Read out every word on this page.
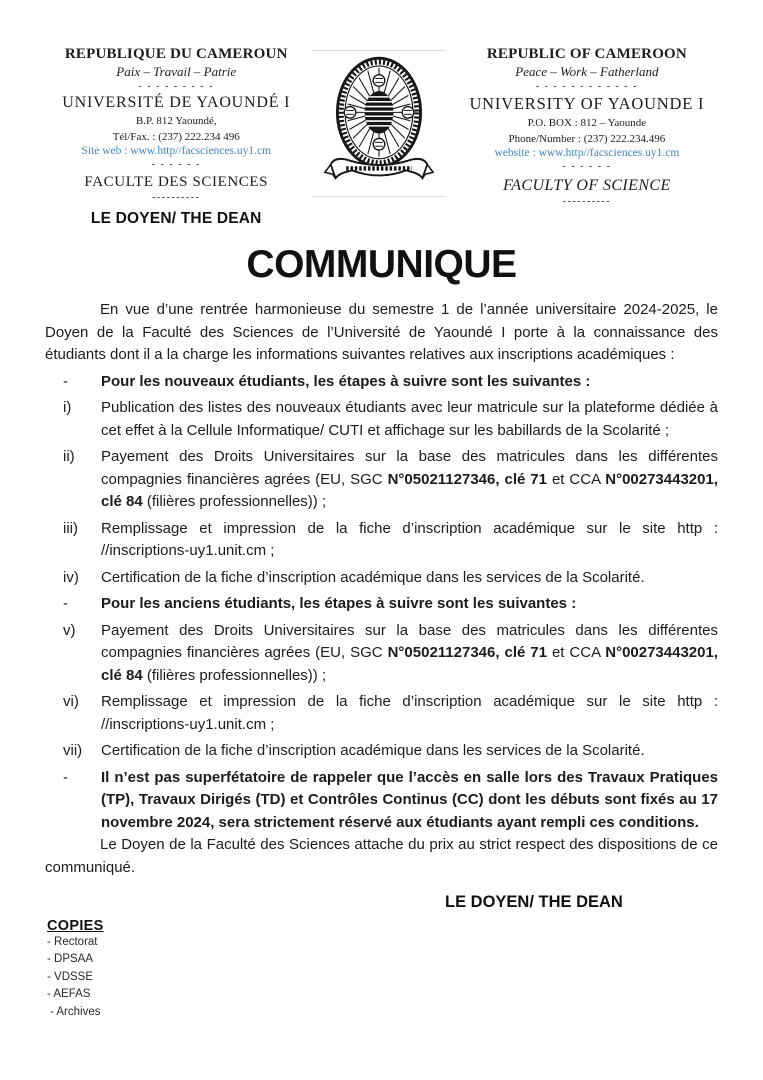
REPUBLIQUE DU CAMEROUN
Paix – Travail – Patrie
- - - - - - - - -
UNIVERSITÉ DE YAOUNDÉ I
B.P. 812 Yaoundé,
Tél/Fax. : (237) 222.234 496
Site web : www.http//facsciences.uy1.cm
- - - - - -
FACULTE DES SCIENCES
----------
LE DOYEN/ THE DEAN
REPUBLIC OF CAMEROON
Peace – Work – Fatherland
- - - - - - - - - - - -
UNIVERSITY OF YAOUNDE I
P.O. BOX : 812 – Yaounde
Phone/Number : (237) 222.234.496
website : www.http//facsciences.uy1.cm
- - - - - -
FACULTY OF SCIENCE
----------
COMMUNIQUE

En vue d’une rentrée harmonieuse du semestre 1 de l’année universitaire 2024-2025, le Doyen de la Faculté des Sciences de l’Université de Yaoundé I porte à la connaissance des étudiants dont il a la charge les informations suivantes relatives aux inscriptions académiques :

-	Pour les nouveaux étudiants, les étapes à suivre sont les suivantes :
i)	Publication des listes des nouveaux étudiants avec leur matricule sur la plateforme dédiée à cet effet à la Cellule Informatique/ CUTI et affichage sur les babillards de la Scolarité ;
ii)	Payement des Droits Universitaires sur la base des matricules dans les différentes compagnies financières agrées (EU, SGC N°05021127346, clé 71 et CCA N°00273443201, clé 84 (filières professionnelles)) ;
iii)	Remplissage et impression de la fiche d’inscription académique sur le site http : //inscriptions-uy1.unit.cm ;
iv)	Certification de la fiche d’inscription académique dans les services de la Scolarité.
-	Pour les anciens étudiants, les étapes à suivre sont les suivantes :
v)	Payement des Droits Universitaires sur la base des matricules dans les différentes compagnies financières agrées (EU, SGC N°05021127346, clé 71 et CCA N°00273443201, clé 84 (filières professionnelles)) ;
vi)	Remplissage et impression de la fiche d’inscription académique sur le site http : //inscriptions-uy1.unit.cm ;
vii)	Certification de la fiche d’inscription académique dans les services de la Scolarité.
-	Il n’est pas superfétatoire de rappeler que l’accès en salle lors des Travaux Pratiques (TP), Travaux Dirigés (TD) et Contrôles Continus (CC) dont les débuts sont fixés au 17 novembre 2024, sera strictement réservé aux étudiants ayant rempli ces conditions.

Le Doyen de la Faculté des Sciences attache du prix au strict respect des dispositions de ce communiqué.

LE DOYEN/ THE DEAN
COPIES
- Rectorat
- DPSAA
- VDSSE
- AEFAS
- Archives
